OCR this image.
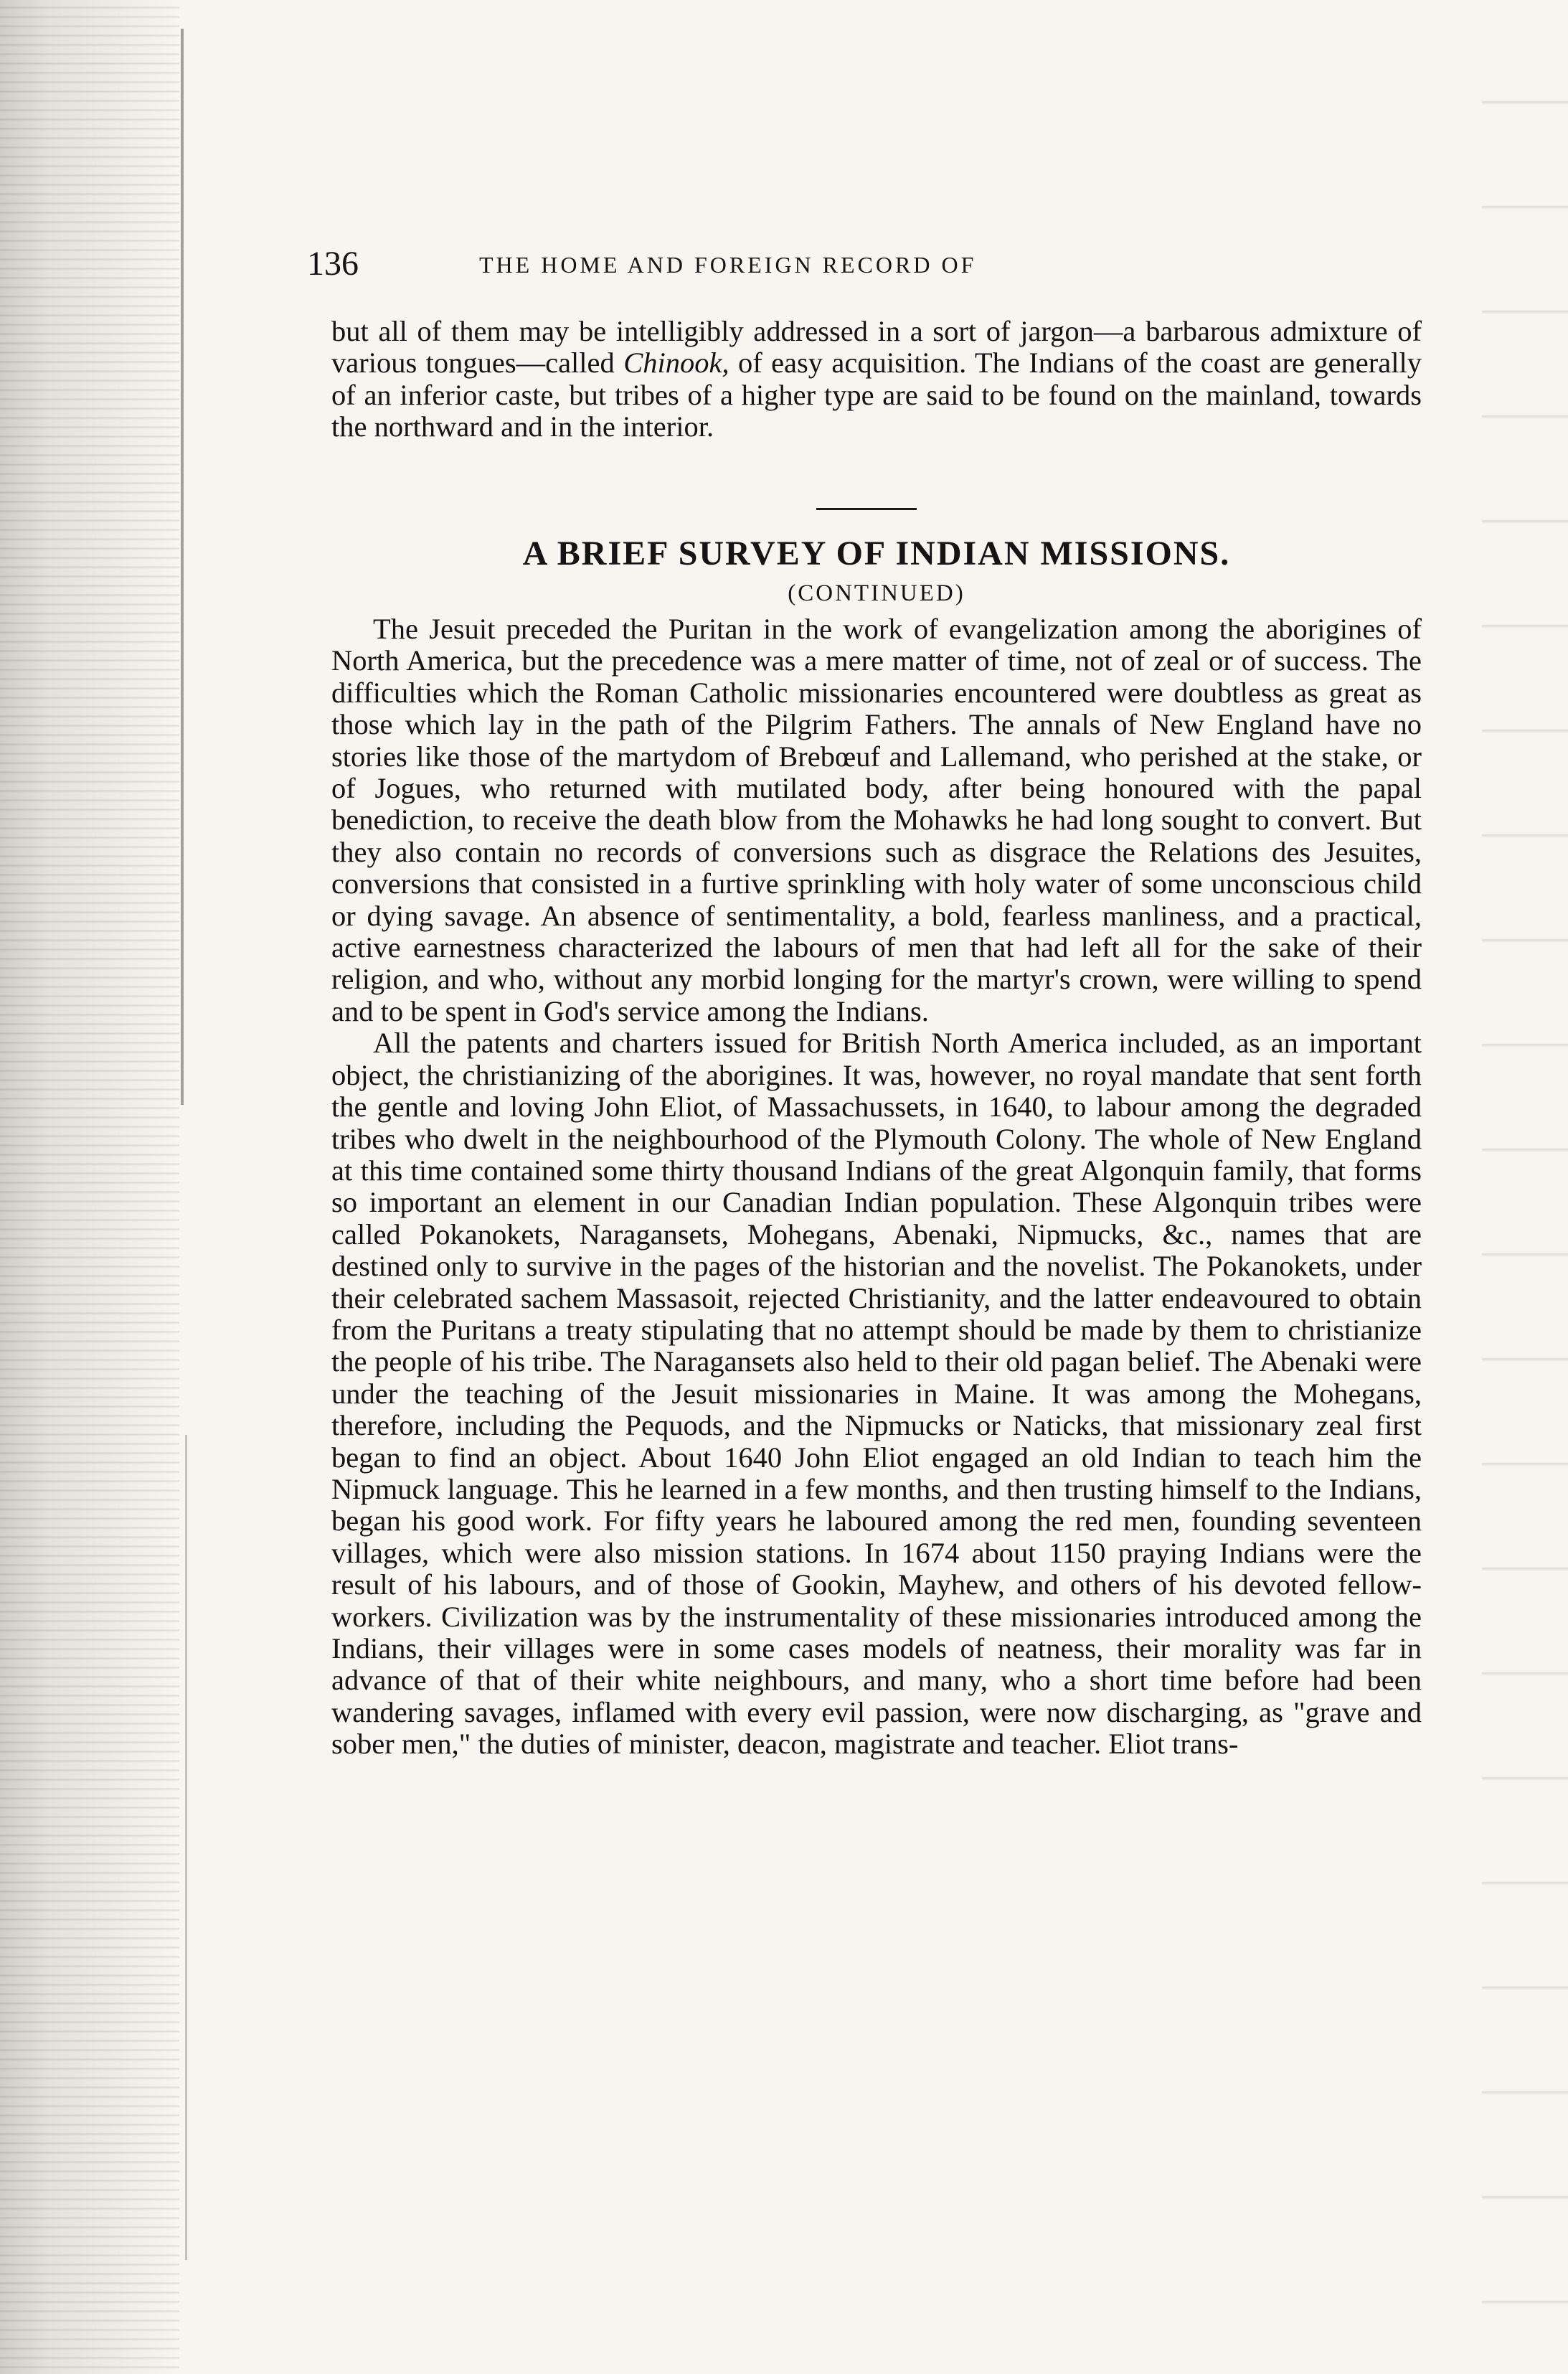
136	THE HOME AND FOREIGN RECORD OF

but all of them may be intelligibly addressed in a sort of jargon—a barbarous admixture of various tongues—called Chinook, of easy acquisition. The Indians of the coast are generally of an inferior caste, but tribes of a higher type are said to be found on the mainland, towards the northward and in the interior.

A BRIEF SURVEY OF INDIAN MISSIONS.
(CONTINUED)

The Jesuit preceded the Puritan in the work of evangelization among the aborigines of North America, but the precedence was a mere matter of time, not of zeal or of success. The difficulties which the Roman Catholic missionaries encountered were doubtless as great as those which lay in the path of the Pilgrim Fathers. The annals of New England have no stories like those of the martydom of Brebœuf and Lallemand, who perished at the stake, or of Jogues, who returned with mutilated body, after being honoured with the papal benediction, to receive the death blow from the Mohawks he had long sought to convert. But they also contain no records of conversions such as disgrace the Relations des Jesuites, conversions that consisted in a furtive sprinkling with holy water of some unconscious child or dying savage. An absence of sentimentality, a bold, fearless manliness, and a practical, active earnestness characterized the labours of men that had left all for the sake of their religion, and who, without any morbid longing for the martyr's crown, were willing to spend and to be spent in God's service among the Indians.

All the patents and charters issued for British North America included, as an important object, the christianizing of the aborigines. It was, however, no royal mandate that sent forth the gentle and loving John Eliot, of Massachussets, in 1640, to labour among the degraded tribes who dwelt in the neighbourhood of the Plymouth Colony. The whole of New England at this time contained some thirty thousand Indians of the great Algonquin family, that forms so important an element in our Canadian Indian population. These Algonquin tribes were called Pokanokets, Naragansets, Mohegans, Abenaki, Nipmucks, &c., names that are destined only to survive in the pages of the historian and the novelist. The Pokanokets, under their celebrated sachem Massasoit, rejected Christianity, and the latter endeavoured to obtain from the Puritans a treaty stipulating that no attempt should be made by them to christianize the people of his tribe. The Naragansets also held to their old pagan belief. The Abenaki were under the teaching of the Jesuit missionaries in Maine. It was among the Mohegans, therefore, including the Pequods, and the Nipmucks or Naticks, that missionary zeal first began to find an object. About 1640 John Eliot engaged an old Indian to teach him the Nipmuck language. This he learned in a few months, and then trusting himself to the Indians, began his good work. For fifty years he laboured among the red men, founding seventeen villages, which were also mission stations. In 1674 about 1150 praying Indians were the result of his labours, and of those of Gookin, Mayhew, and others of his devoted fellow-workers. Civilization was by the instrumentality of these missionaries introduced among the Indians, their villages were in some cases models of neatness, their morality was far in advance of that of their white neighbours, and many, who a short time before had been wandering savages, inflamed with every evil passion, were now discharging, as "grave and sober men," the duties of minister, deacon, magistrate and teacher. Eliot trans-
